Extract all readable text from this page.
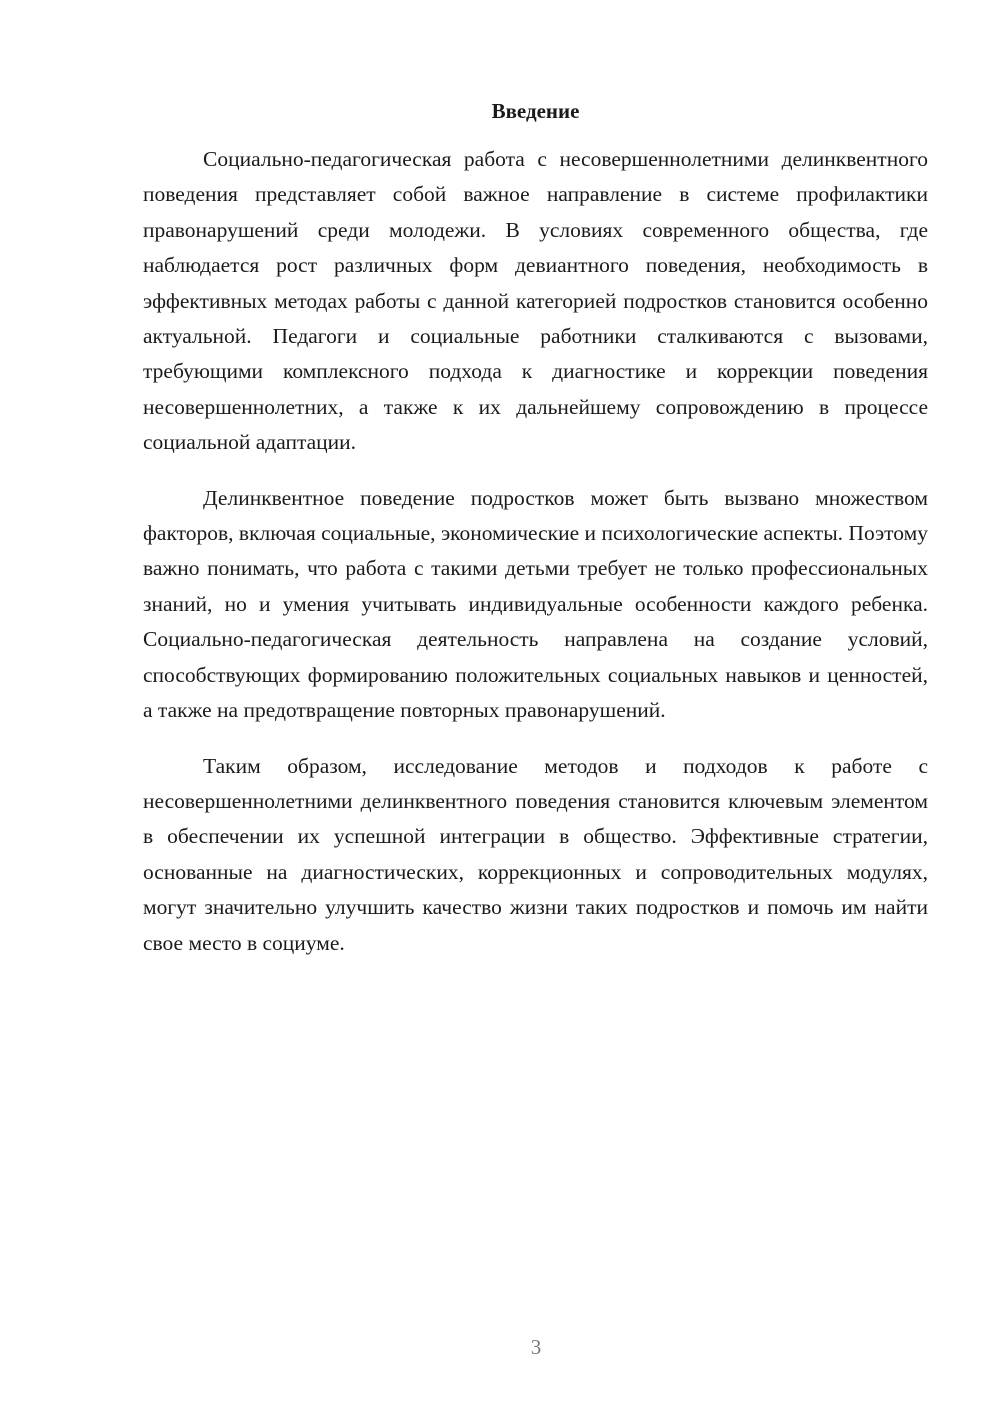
Введение

Социально-педагогическая работа с несовершеннолетними делинквентного поведения представляет собой важное направление в системе профилактики правонарушений среди молодежи. В условиях современного общества, где наблюдается рост различных форм девиантного поведения, необходимость в эффективных методах работы с данной категорией подростков становится особенно актуальной. Педагоги и социальные работники сталкиваются с вызовами, требующими комплексного подхода к диагностике и коррекции поведения несовершеннолетних, а также к их дальнейшему сопровождению в процессе социальной адаптации.

Делинквентное поведение подростков может быть вызвано множеством факторов, включая социальные, экономические и психологические аспекты. Поэтому важно понимать, что работа с такими детьми требует не только профессиональных знаний, но и умения учитывать индивидуальные особенности каждого ребенка. Социально-педагогическая деятельность направлена на создание условий, способствующих формированию положительных социальных навыков и ценностей, а также на предотвращение повторных правонарушений.

Таким образом, исследование методов и подходов к работе с несовершеннолетними делинквентного поведения становится ключевым элементом в обеспечении их успешной интеграции в общество. Эффективные стратегии, основанные на диагностических, коррекционных и сопроводительных модулях, могут значительно улучшить качество жизни таких подростков и помочь им найти свое место в социуме.

3
